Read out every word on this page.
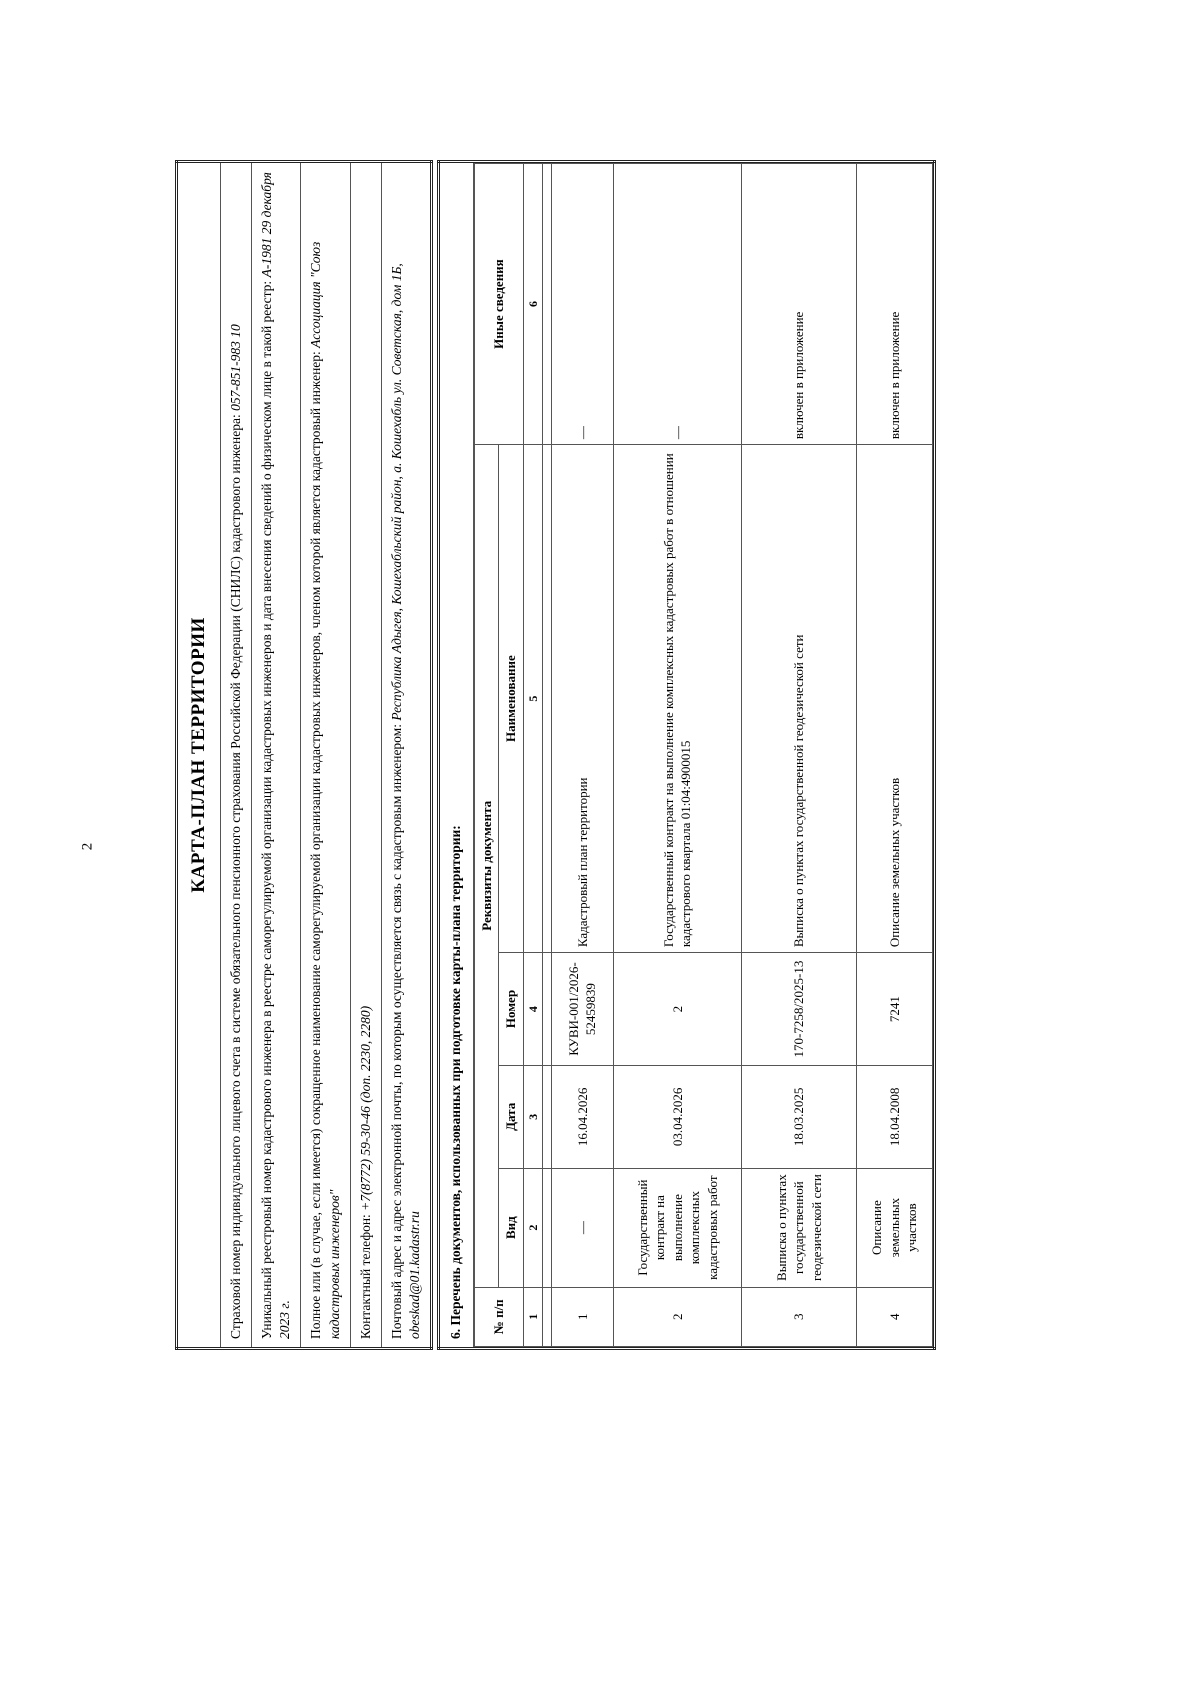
2	КАРТА-ПЛАН ТЕРРИТОРИИ
Страховой номер индивидуального лицевого счета в системе обязательного пенсионного страхования Российской Федерации (СНИЛС) кадастрового инженера: 057-851-983 10
Уникальный реестровый номер кадастрового инженера в реестре саморегулируемой организации кадастровых инженеров и дата внесения сведений о физическом лице в такой реестр: А-1981 29 декабря 2023 г.
Полное или (в случае, если имеется) сокращенное наименование саморегулируемой организации кадастровых инженеров, членом которой является кадастровый инженер: Ассоциация "Союз кадастровых инженеров"
Контактный телефон: +7(8772) 59-30-46 (доп. 2230, 2280)
Почтовый адрес и адрес электронной почты, по которым осуществляется связь с кадастровым инженером: Республика Адыгея, Кошехабльский район, а. Кошехабль ул. Советская, дом 1Б, obeskad@01.kadastr.ru 6. Перечень документов, использованных при подготовке карты-плана территории: № п/п	Реквизиты документа	Иные сведения
Вид	Дата	Номер	Наименование
1	2	3	4	5	6

1	—	16.04.2026	КУВИ-001/2026-52459839	Кадастровый план территории	—
2	Государственный контракт на выполнение комплексных кадастровых работ	03.04.2026	2	Государственный контракт на выполнение комплексных кадастровых работ в отношении кадастрового квартала 01:04:4900015	—
3	Выписка о пунктах государственной геодезической сети	18.03.2025	170-7258/2025-13	Выписка о пунктах государственной геодезической сети	включен в приложение
4	Описание земельных участков	18.04.2008	7241	Описание земельных участков	включен в приложение
